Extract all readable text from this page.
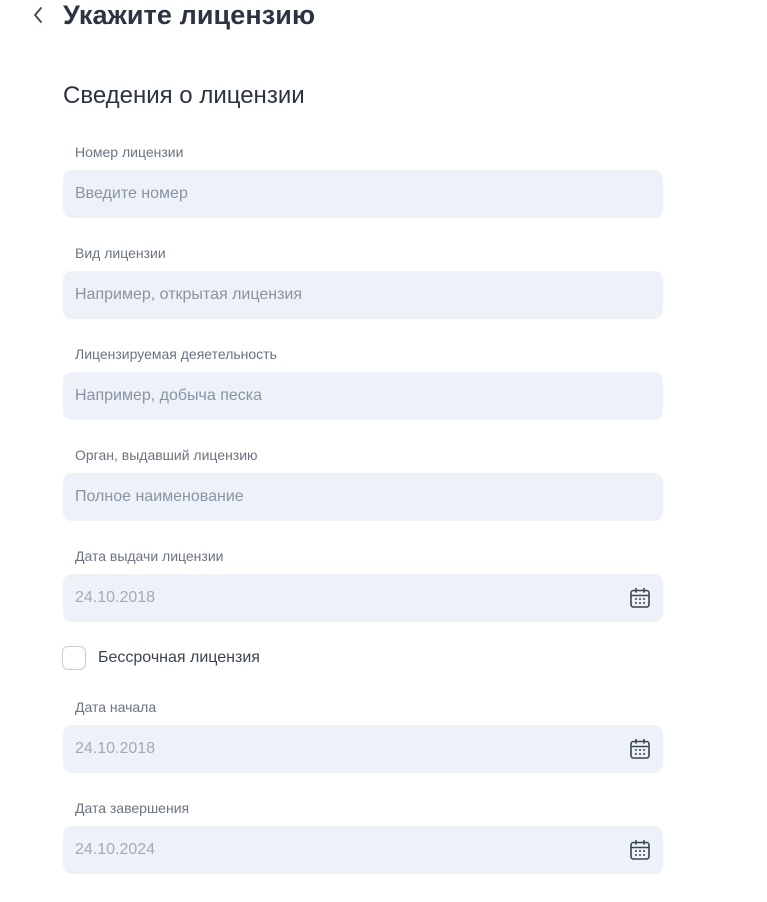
Укажите лицензию
Сведения о лицензии
Номер лицензии
Введите номер
Вид лицензии
Например, открытая лицензия
Лицензируемая деяетельность
Например, добыча песка
Орган, выдавший лицензию
Полное наименование
Дата выдачи лицензии
24.10.2018
Бессрочная лицензия
Дата начала
24.10.2018
Дата завершения
24.10.2024
